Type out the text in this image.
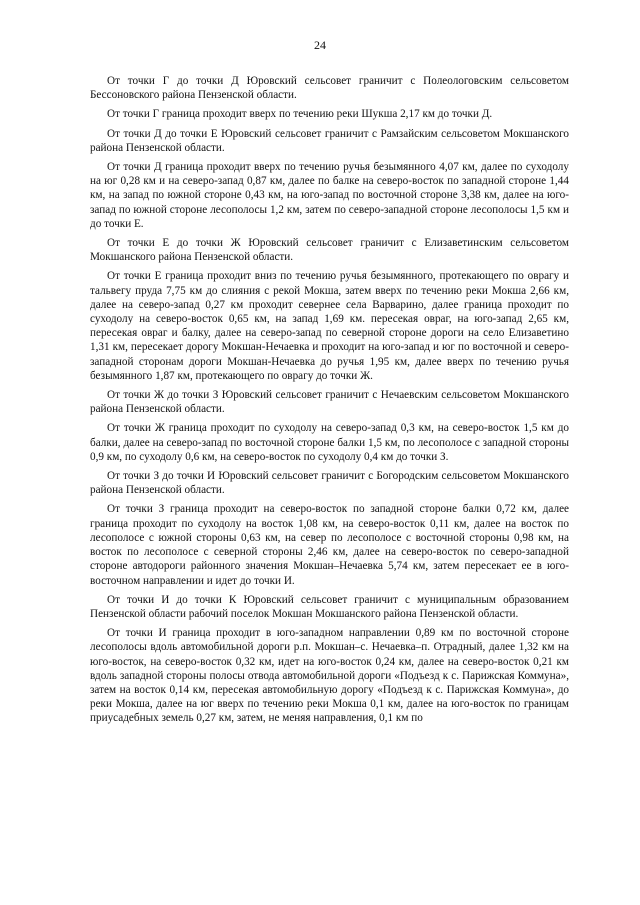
24

От точки Г до точки Д Юровский сельсовет граничит с Полеологовским сельсоветом Бессоновского района Пензенской области.

От точки Г граница проходит вверх по течению реки Шукша 2,17 км до точки Д.

От точки Д до точки Е Юровский сельсовет граничит с Рамзайским сельсоветом Мокшанского района Пензенской области.

От точки Д граница проходит вверх по течению ручья безымянного 4,07 км, далее по суходолу на юг 0,28 км и на северо-запад 0,87 км, далее по балке на северо-восток по западной стороне 1,44 км, на запад по южной стороне 0,43 км, на юго-запад по восточной стороне 3,38 км, далее на юго-запад по южной стороне лесополосы 1,2 км, затем по северо-западной стороне лесополосы 1,5 км и до точки Е.

От точки Е до точки Ж Юровский сельсовет граничит с Елизаветинским сельсоветом Мокшанского района Пензенской области.

От точки Е граница проходит вниз по течению ручья безымянного, протекающего по оврагу и тальвегу пруда 7,75 км до слияния с рекой Мокша, затем вверх по течению реки Мокша 2,66 км, далее на северо-запад 0,27 км проходит севернее села Варварино, далее граница проходит по суходолу на северо-восток 0,65 км, на запад 1,69 км. пересекая овраг, на юго-запад 2,65 км, пересекая овраг и балку, далее на северо-запад по северной стороне дороги на село Елизаветино 1,31 км, пересекает дорогу Мокшан-Нечаевка и проходит на юго-запад и юг по восточной и северо-западной сторонам дороги Мокшан-Нечаевка до ручья 1,95 км, далее вверх по течению ручья безымянного 1,87 км, протекающего по оврагу до точки Ж.

От точки Ж до точки З Юровский сельсовет граничит с Нечаевским сельсоветом Мокшанского района Пензенской области.

От точки Ж граница проходит по суходолу на северо-запад 0,3 км, на северо-восток 1,5 км до балки, далее на северо-запад по восточной стороне балки 1,5 км, по лесополосе с западной стороны 0,9 км, по суходолу 0,6 км, на северо-восток по суходолу 0,4 км до точки З.

От точки З до точки И Юровский сельсовет граничит с Богородским сельсоветом Мокшанского района Пензенской области.

От точки З граница проходит на северо-восток по западной стороне балки 0,72 км, далее граница проходит по суходолу на восток 1,08 км, на северо-восток 0,11 км, далее на восток по лесополосе с южной стороны 0,63 км, на север по лесополосе с восточной стороны 0,98 км, на восток по лесополосе с северной стороны 2,46 км, далее на северо-восток по северо-западной стороне автодороги районного значения Мокшан–Нечаевка 5,74 км, затем пересекает ее в юго-восточном направлении и идет до точки И.

От точки И до точки К Юровский сельсовет граничит с муниципальным образованием Пензенской области рабочий поселок Мокшан Мокшанского района Пензенской области.

От точки И граница проходит в юго-западном направлении 0,89 км по восточной стороне лесополосы вдоль автомобильной дороги р.п. Мокшан–с. Нечаевка–п. Отрадный, далее 1,32 км на юго-восток, на северо-восток 0,32 км, идет на юго-восток 0,24 км, далее на северо-восток 0,21 км вдоль западной стороны полосы отвода автомобильной дороги «Подъезд к с. Парижская Коммуна», затем на восток 0,14 км, пересекая автомобильную дорогу «Подъезд к с. Парижская Коммуна», до реки Мокша, далее на юг вверх по течению реки Мокша 0,1 км, далее на юго-восток по границам приусадебных земель 0,27 км, затем, не меняя направления, 0,1 км по
